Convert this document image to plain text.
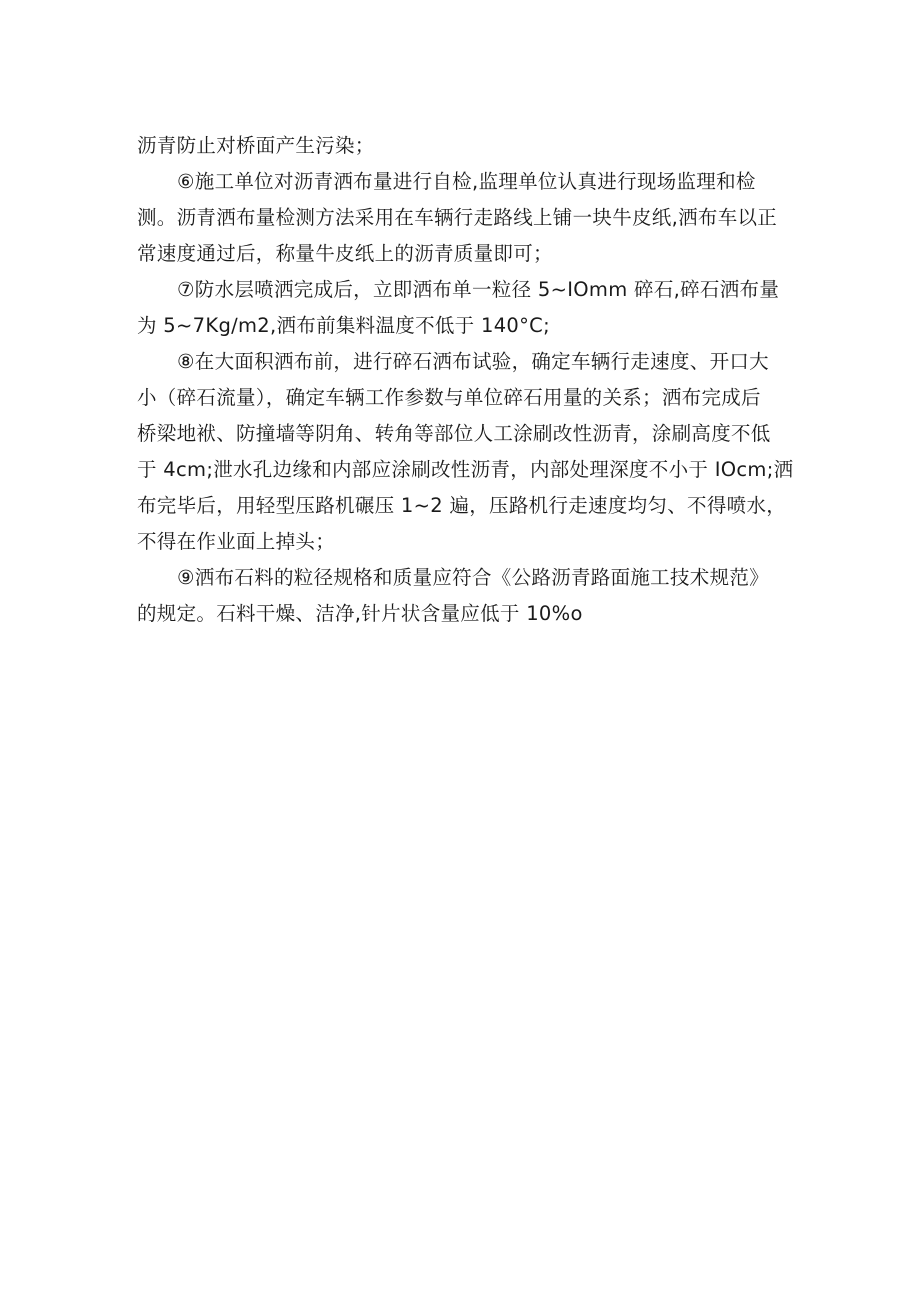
沥青防止对桥面产生污染；

⑥施工单位对沥青洒布量进行自检,监理单位认真进行现场监理和检
测。沥青洒布量检测方法采用在车辆行走路线上铺一块牛皮纸,洒布车以正
常速度通过后，称量牛皮纸上的沥青质量即可；

⑦防水层喷洒完成后，立即洒布单一粒径 5~IOmm 碎石,碎石洒布量
为 5~7Kg∕m2,洒布前集料温度不低于 140°C;

⑧在大面积洒布前，进行碎石洒布试验，确定车辆行走速度、开口大
小（碎石流量），确定车辆工作参数与单位碎石用量的关系；洒布完成后
桥梁地袱、防撞墙等阴角、转角等部位人工涂刷改性沥青，涂刷高度不低
于 4cm;泄水孔边缘和内部应涂刷改性沥青，内部处理深度不小于 IOcm;洒
布完毕后，用轻型压路机碾压 1~2 遍，压路机行走速度均匀、不得喷水，
不得在作业面上掉头；

⑨洒布石料的粒径规格和质量应符合《公路沥青路面施工技术规范》
的规定。石料干燥、洁净,针片状含量应低于 10%o
